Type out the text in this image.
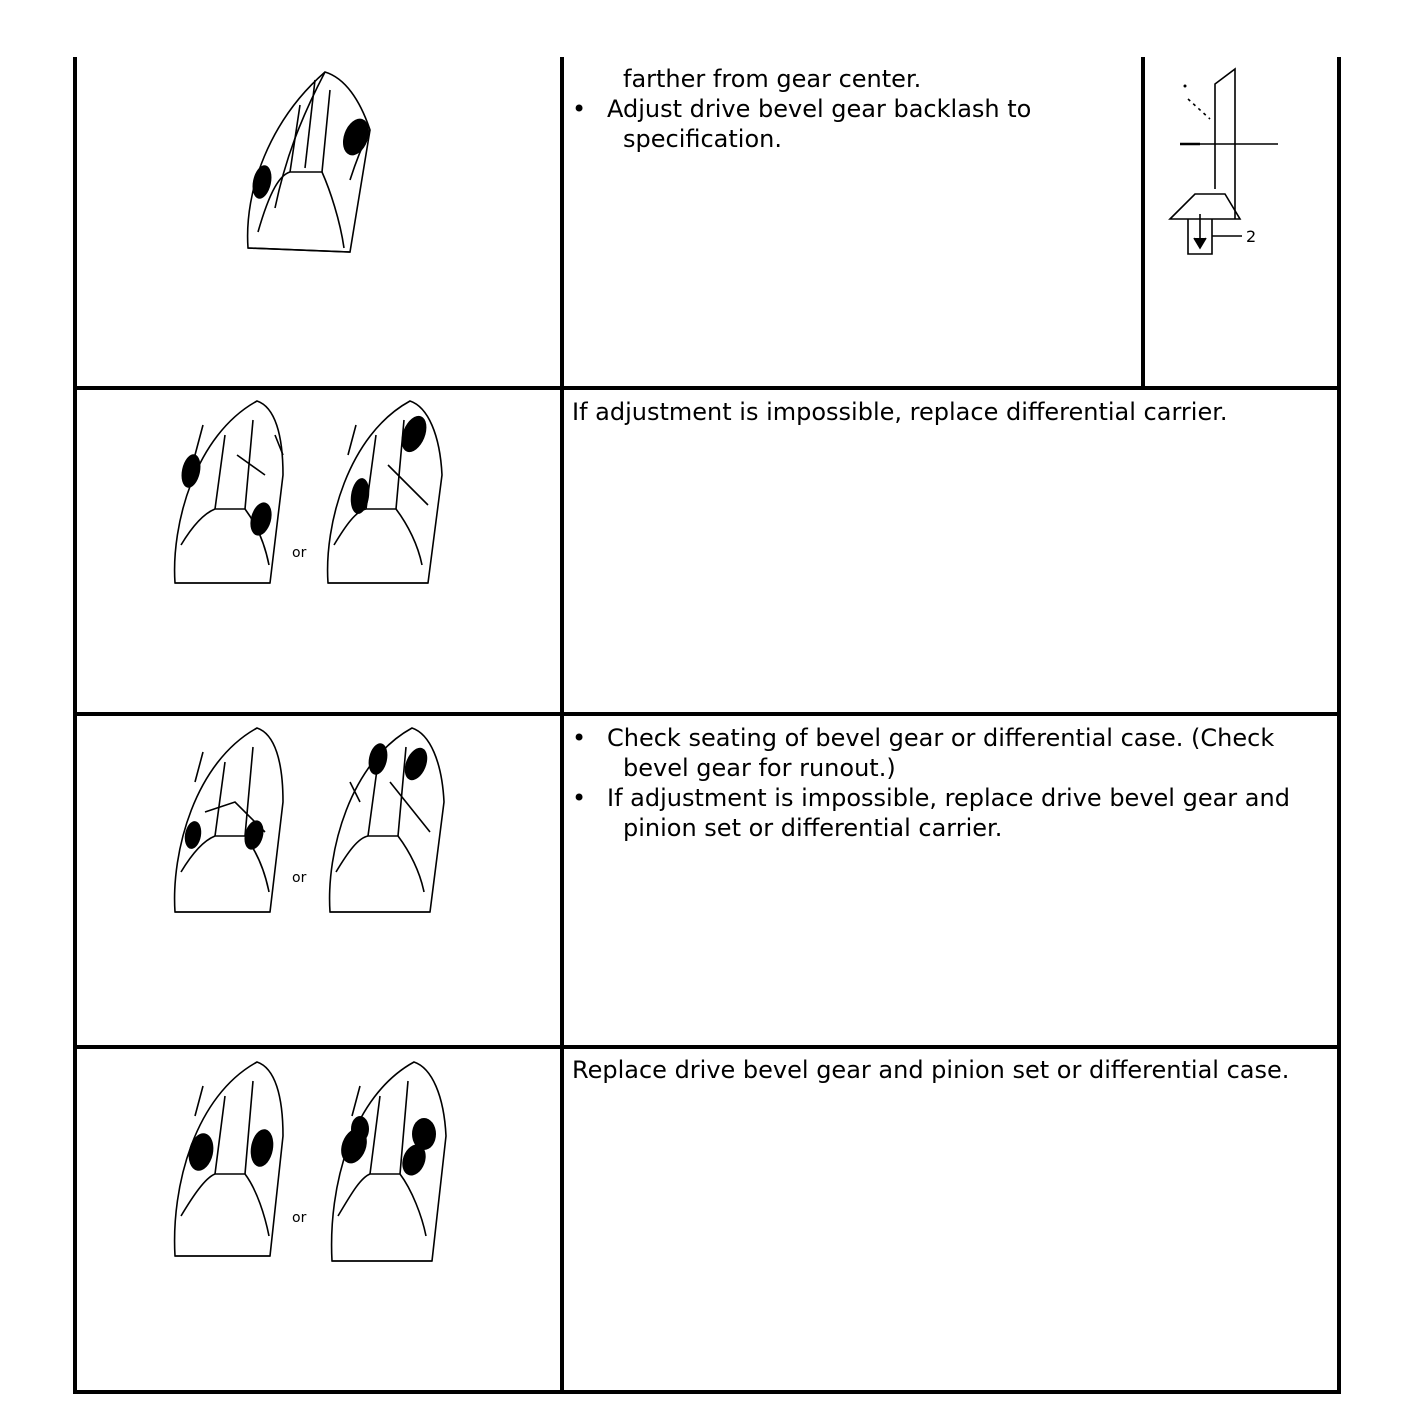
farther from gear center.
• Adjust drive bevel gear backlash to
specification.
2
or
If adjustment is impossible, replace differential carrier.
or
• Check seating of bevel gear or differential case. (Check
bevel gear for runout.)
• If adjustment is impossible, replace drive bevel gear and
pinion set or differential carrier.
or
Replace drive bevel gear and pinion set or differential case.
